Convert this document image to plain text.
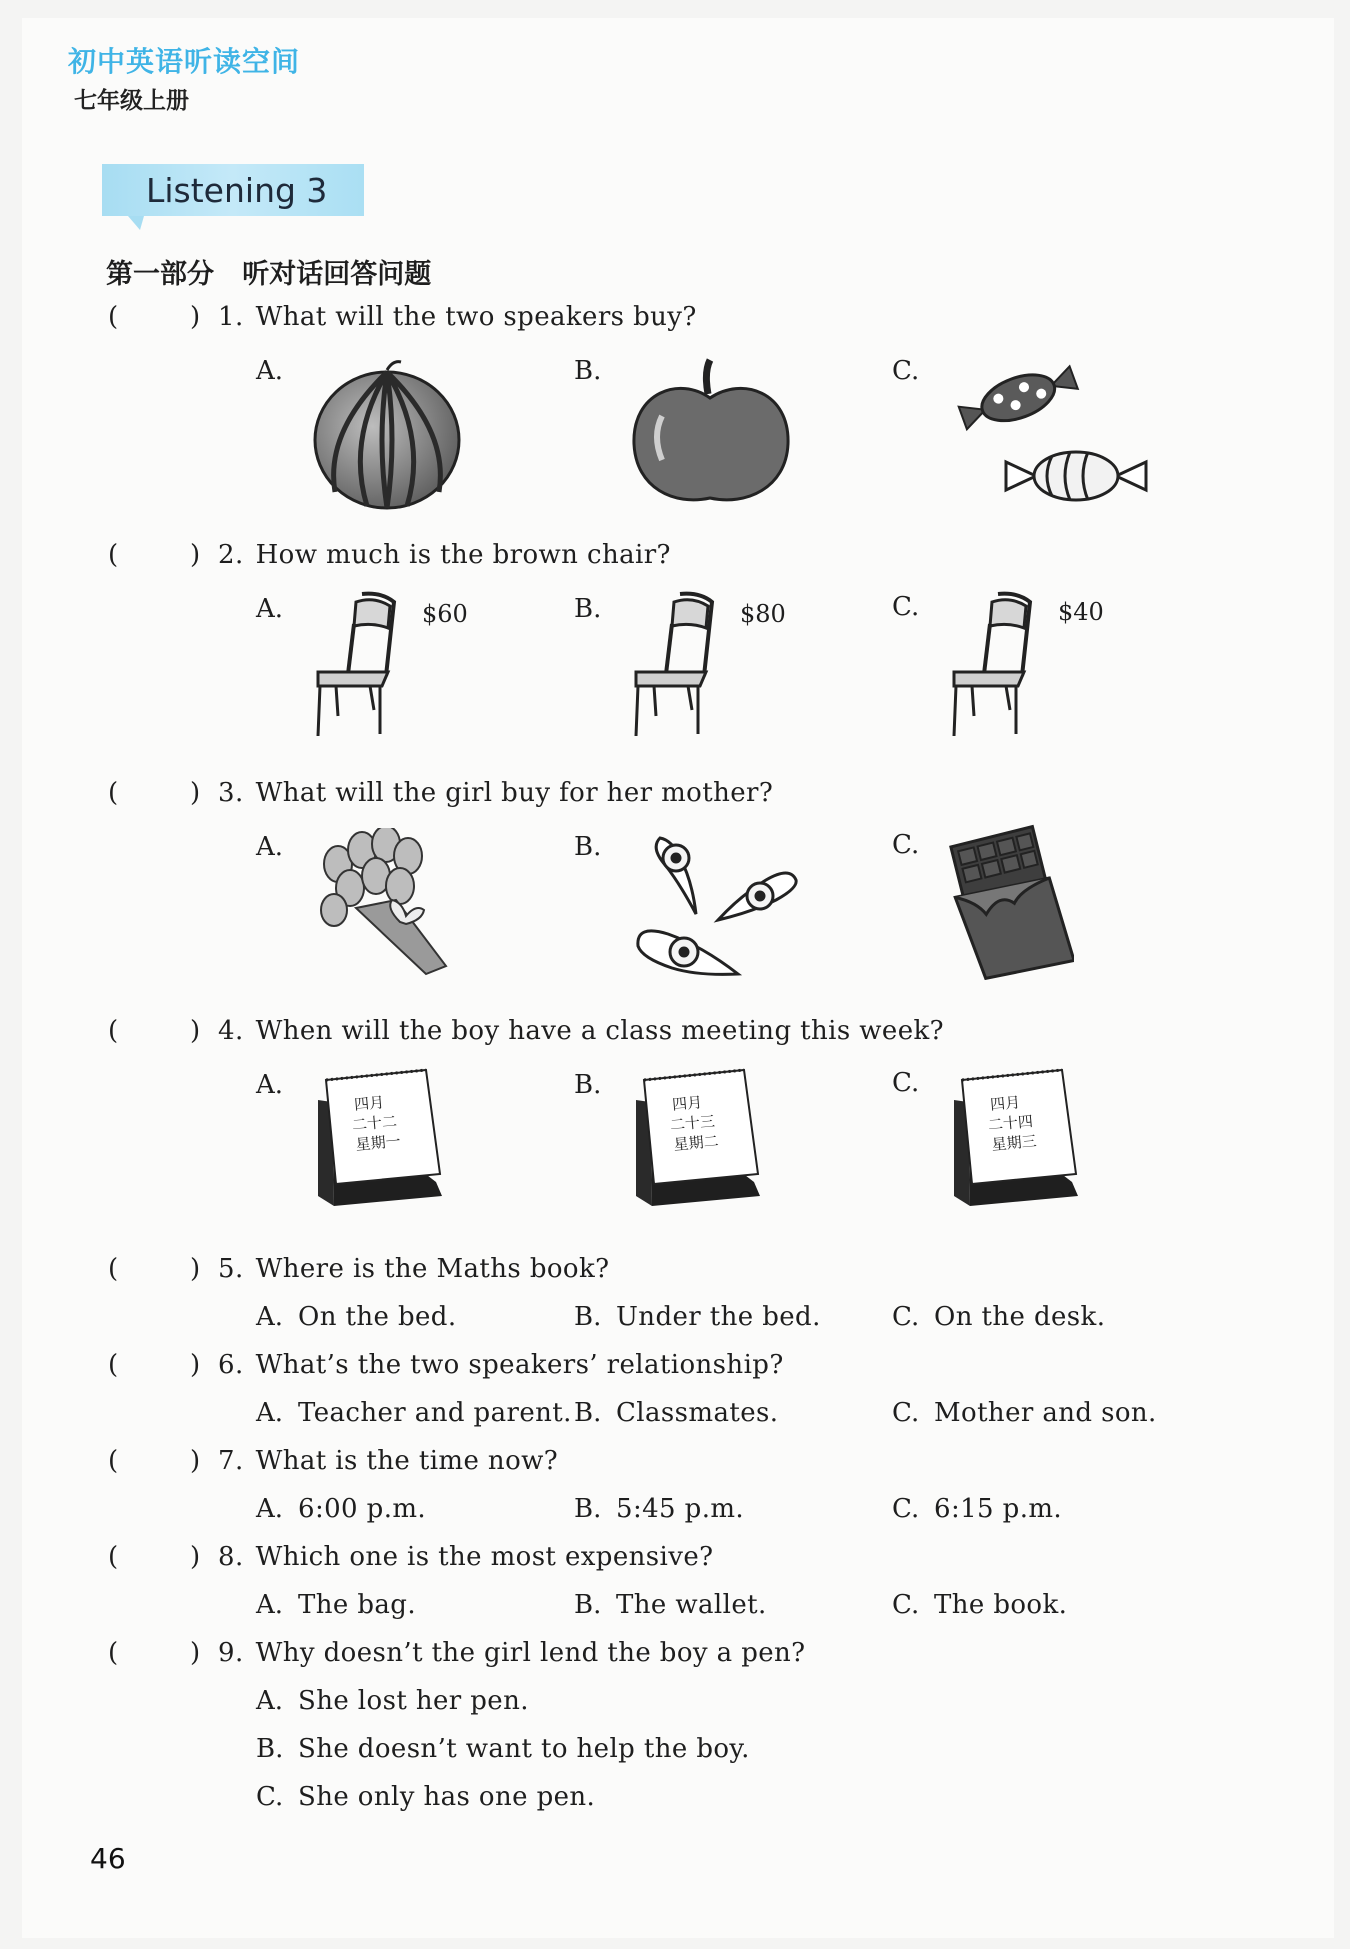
初中英语听读空间
七年级上册
Listening 3
第一部分   听对话回答问题
(	) 1. What will the two speakers buy?
A.	B.	C.
(	) 2. How much is the brown chair?
A.	$60	B.	$80	C.	$40
(	) 3. What will the girl buy for her mother?
A.	B.	C.
(	) 4. When will the boy have a class meeting this week?
A.
四月 二十二 星期一
B.
四月 二十三 星期二
C.
四月 二十四 星期三
(	) 5. Where is the Maths book?
A. On the bed.	B. Under the bed.	C. On the desk.
(	) 6. What’s the two speakers’ relationship?
A. Teacher and parent. B. Classmates.	C. Mother and son.
(	) 7. What is the time now?
A. 6:00 p.m.	B. 5:45 p.m.	C. 6:15 p.m.
(	) 8. Which one is the most expensive?
A. The bag.	B. The wallet.	C. The book.
(	) 9. Why doesn’t the girl lend the boy a pen?
A. She lost her pen.
B. She doesn’t want to help the boy.
C. She only has one pen.
46
